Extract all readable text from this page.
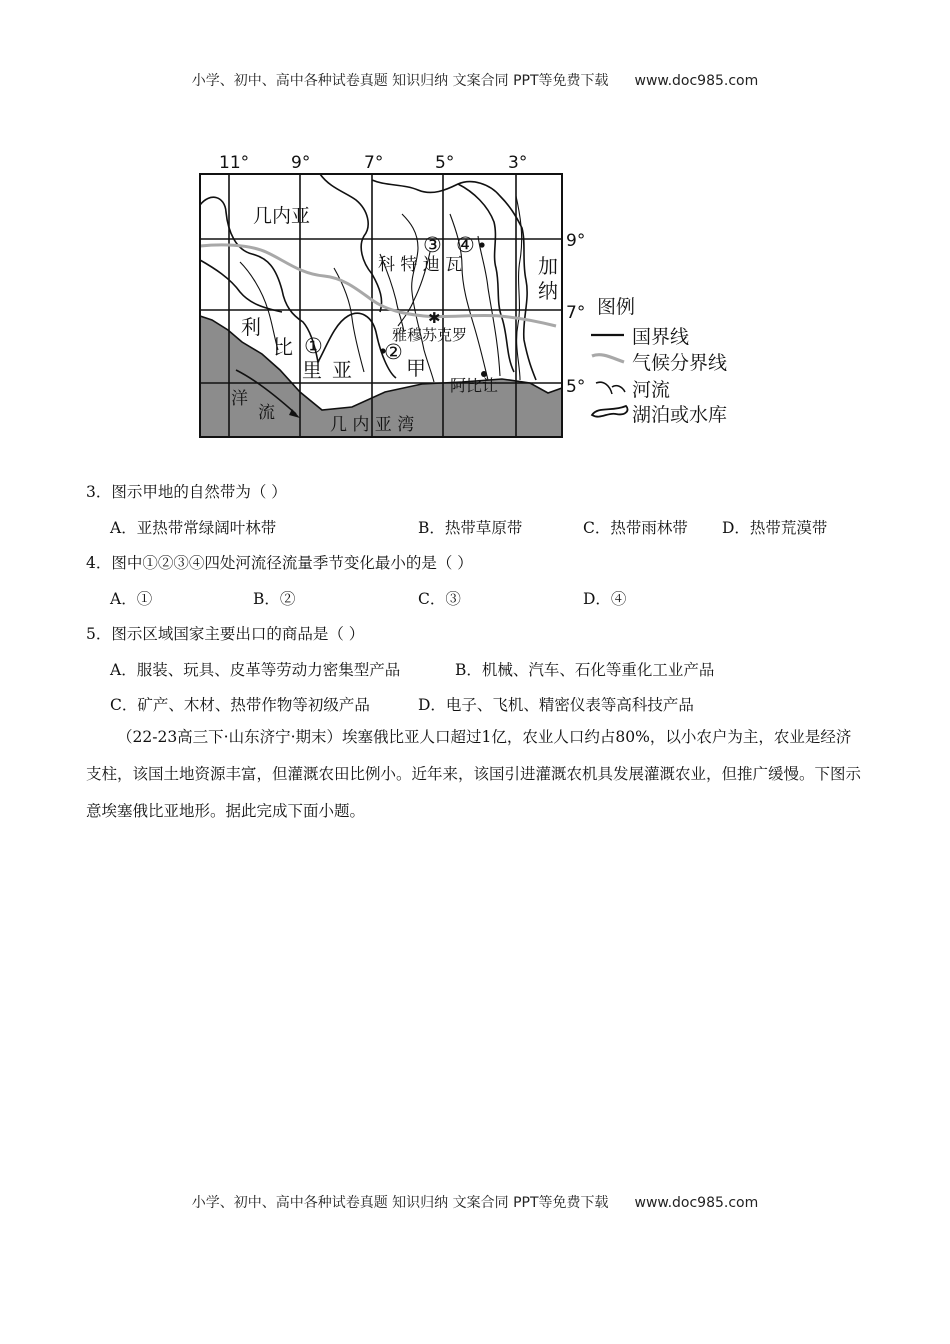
小学、初中、高中各种试卷真题 知识归纳 文案合同 PPT等免费下载 www.doc985.com
✱
11° 9°	7°	5°	3°
9°
7°
5°
几内亚
利
比
里 亚
科 特 迪 瓦	加
纳
雅穆苏克罗
甲
阿比让
洋
流
几 内 亚 湾
①	②
③ ④
图例
国界线
气候分界线
河流
湖泊或水库
3．图示甲地的自然带为（ ）
A．亚热带常绿阔叶林带	B．热带草原带	C．热带雨林带 D．热带荒漠带
4．图中①②③④四处河流径流量季节变化最小的是（ ）
A．①	B．②	C．③	D．④
5．图示区域国家主要出口的商品是（ ）
A．服装、玩具、皮革等劳动力密集型产品	B．机械、汽车、石化等重化工业产品
C．矿产、木材、热带作物等初级产品	D．电子、飞机、精密仪表等高科技产品
（22-23高三下·山东济宁·期末）埃塞俄比亚人口超过1亿，农业人口约占80%，以小农户为主，农业是经济支柱，该国土地资源丰富，但灌溉农田比例小。近年来，该国引进灌溉农机具发展灌溉农业，但推广缓慢。下图示意埃塞俄比亚地形。据此完成下面小题。
小学、初中、高中各种试卷真题 知识归纳 文案合同 PPT等免费下载 www.doc985.com
